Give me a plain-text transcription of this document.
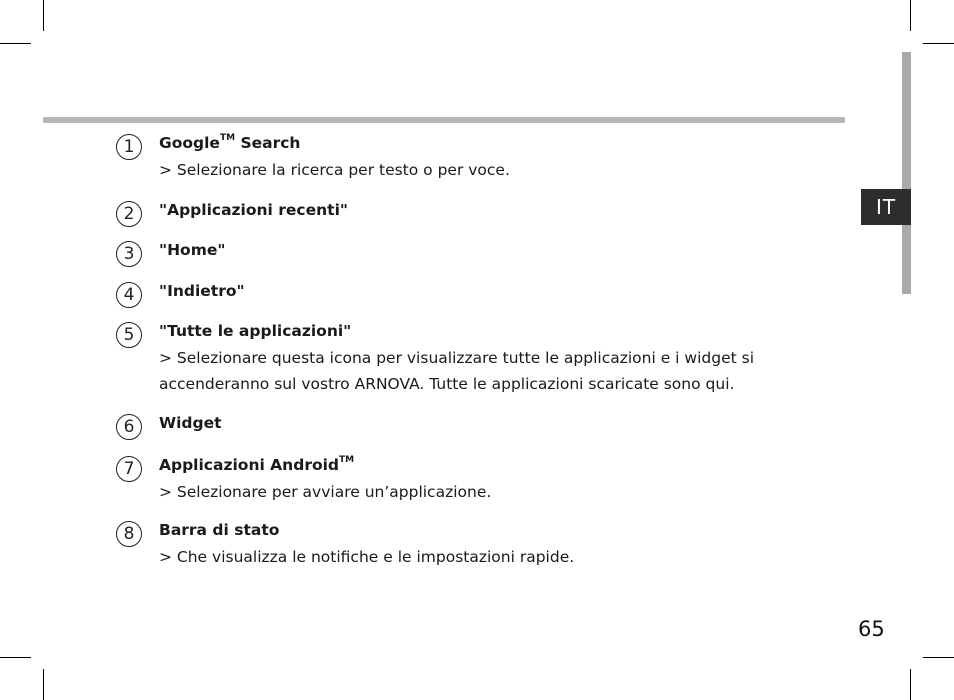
IT
1	Google™ Search
> Selezionare la ricerca per testo o per voce.
2	"Applicazioni recenti"
3	"Home"
4	"Indietro"
5	"Tutte le applicazioni"
> Selezionare questa icona per visualizzare tutte le applicazioni e i widget si
accenderanno sul vostro ARNOVA. Tutte le applicazioni scaricate sono qui.
6	Widget
7	Applicazioni Android™
> Selezionare per avviare un’applicazione.
8	Barra di stato
> Che visualizza le notifiche e le impostazioni rapide.
65
